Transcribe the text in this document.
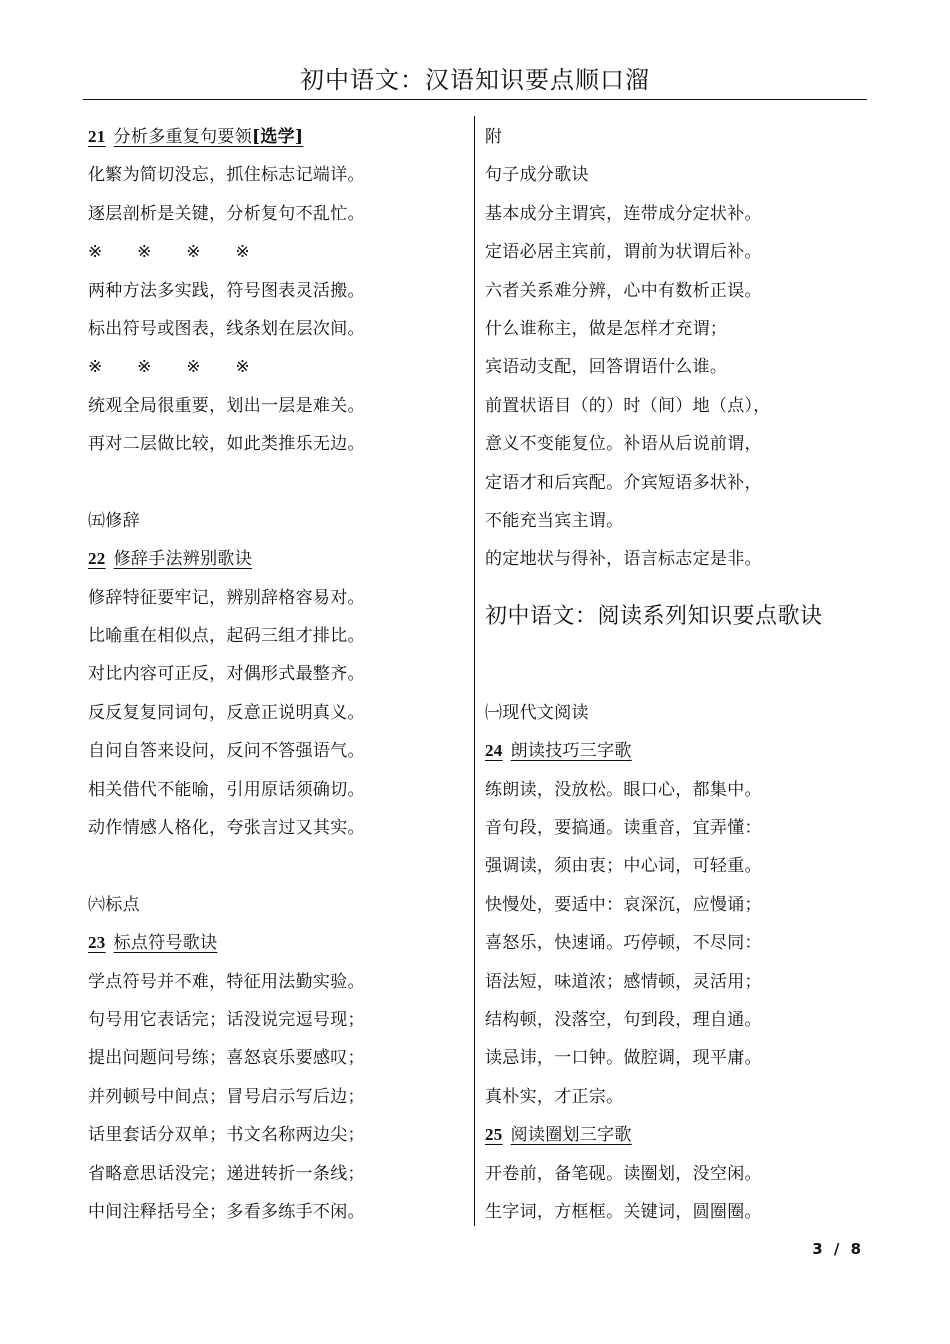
初中语文：汉语知识要点顺口溜
21 分析多重复句要领[选学]
化繁为简切没忘，抓住标志记端详。
逐层剖析是关键，分析复句不乱忙。
※　　※　　※　　※
两种方法多实践，符号图表灵活搬。
标出符号或图表，线条划在层次间。
※　　※　　※　　※
统观全局很重要，划出一层是难关。
再对二层做比较，如此类推乐无边。
㈤修辞
22 修辞手法辨别歌诀
修辞特征要牢记，辨别辞格容易对。
比喻重在相似点，起码三组才排比。
对比内容可正反，对偶形式最整齐。
反反复复同词句，反意正说明真义。
自问自答来设问，反问不答强语气。
相关借代不能喻，引用原话须确切。
动作情感人格化，夸张言过又其实。
㈥标点
23 标点符号歌诀
学点符号并不难，特征用法勤实验。
句号用它表话完；话没说完逗号现；
提出问题问号练；喜怒哀乐要感叹；
并列顿号中间点；冒号启示写后边；
话里套话分双单；书文名称两边尖；
省略意思话没完；递进转折一条线；
中间注释括号全；多看多练手不闲。
附
句子成分歌诀
基本成分主谓宾，连带成分定状补。
定语必居主宾前，谓前为状谓后补。
六者关系难分辨，心中有数析正误。
什么谁称主，做是怎样才充谓；
宾语动支配，回答谓语什么谁。
前置状语目（的）时（间）地（点），
意义不变能复位。补语从后说前谓，
定语才和后宾配。介宾短语多状补，
不能充当宾主谓。
的定地状与得补，语言标志定是非。
初中语文：阅读系列知识要点歌诀
㈠现代文阅读
24 朗读技巧三字歌
练朗读，没放松。眼口心，都集中。
音句段，要搞通。读重音，宜弄懂：
强调读，须由衷；中心词，可轻重。
快慢处，要适中：哀深沉，应慢诵；
喜怒乐，快速诵。巧停顿，不尽同：
语法短，味道浓；感情顿，灵活用；
结构顿，没落空，句到段，理自通。
读忌讳，一口钟。做腔调，现平庸。
真朴实，才正宗。
25 阅读圈划三字歌
开卷前，备笔砚。读圈划，没空闲。
生字词，方框框。关键词，圆圈圈。
3 / 8
